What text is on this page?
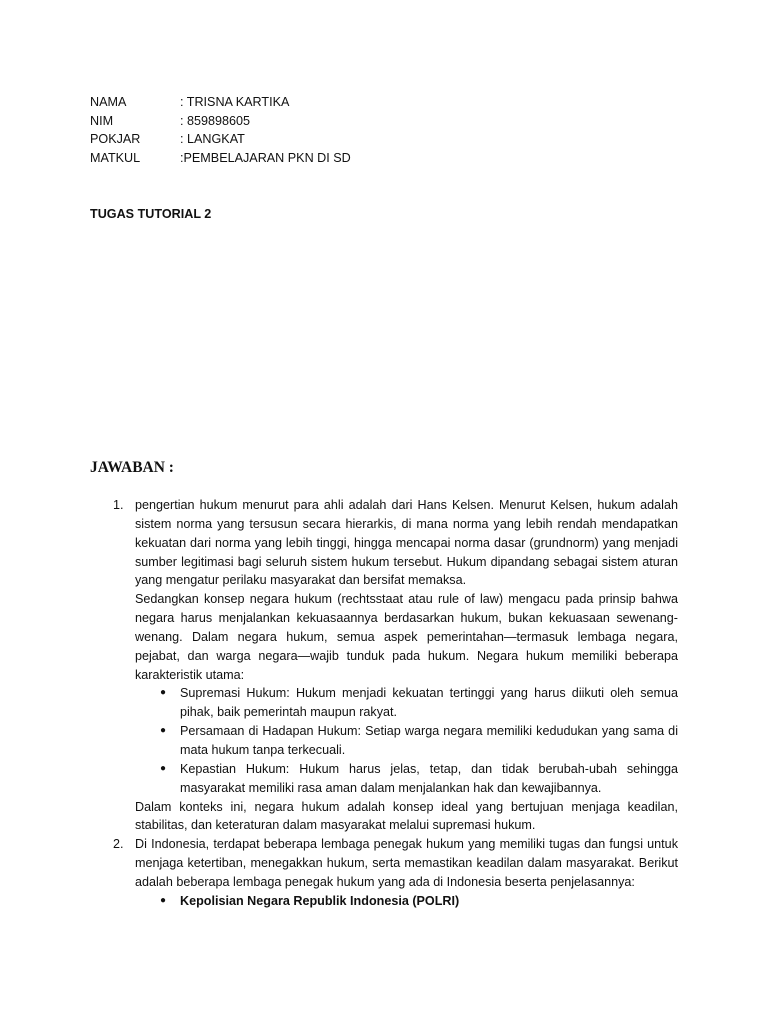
NAMA	: TRISNA KARTIKA
NIM	: 859898605
POKJAR	: LANGKAT
MATKUL	:PEMBELAJARAN PKN DI SD
TUGAS TUTORIAL 2
JAWABAN :
1. pengertian hukum menurut para ahli adalah dari Hans Kelsen. Menurut Kelsen, hukum adalah sistem norma yang tersusun secara hierarkis, di mana norma yang lebih rendah mendapatkan kekuatan dari norma yang lebih tinggi, hingga mencapai norma dasar (grundnorm) yang menjadi sumber legitimasi bagi seluruh sistem hukum tersebut. Hukum dipandang sebagai sistem aturan yang mengatur perilaku masyarakat dan bersifat memaksa.

Sedangkan konsep negara hukum (rechtsstaat atau rule of law) mengacu pada prinsip bahwa negara harus menjalankan kekuasaannya berdasarkan hukum, bukan kekuasaan sewenang-wenang. Dalam negara hukum, semua aspek pemerintahan—termasuk lembaga negara, pejabat, dan warga negara—wajib tunduk pada hukum. Negara hukum memiliki beberapa karakteristik utama:

● Supremasi Hukum: Hukum menjadi kekuatan tertinggi yang harus diikuti oleh semua pihak, baik pemerintah maupun rakyat.
● Persamaan di Hadapan Hukum: Setiap warga negara memiliki kedudukan yang sama di mata hukum tanpa terkecuali.
● Kepastian Hukum: Hukum harus jelas, tetap, dan tidak berubah-ubah sehingga masyarakat memiliki rasa aman dalam menjalankan hak dan kewajibannya.

Dalam konteks ini, negara hukum adalah konsep ideal yang bertujuan menjaga keadilan, stabilitas, dan keteraturan dalam masyarakat melalui supremasi hukum.

2. Di Indonesia, terdapat beberapa lembaga penegak hukum yang memiliki tugas dan fungsi untuk menjaga ketertiban, menegakkan hukum, serta memastikan keadilan dalam masyarakat. Berikut adalah beberapa lembaga penegak hukum yang ada di Indonesia beserta penjelasannya:

● Kepolisian Negara Republik Indonesia (POLRI)
